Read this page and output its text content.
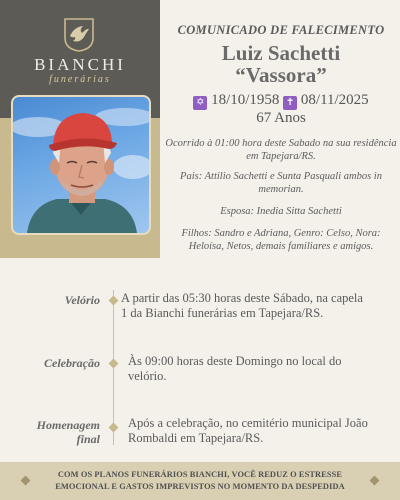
BIANCHI
funerárias
COMUNICADO DE FALECIMENTO
Luiz Sachetti
“Vassora”
✡ 18/10/1958 ✝ 08/11/2025
67 Anos
Ocorrido à 01:00 hora deste Sabado na sua residência em Tapejara/RS.
Pais: Attilio Sachetti e Sunta Pasquali ambos in memorian.
Esposa: Inedia Sitta Sachetti
Filhos: Sandro e Adriana, Genro: Celso, Nora: Heloísa, Netos, demais familiares e amigos.
Velório A partir das 05:30 horas deste Sábado, na capela 1 da Bianchi funerárias em Tapejara/RS.
Celebração Às 09:00 horas deste Domingo no local do velório.
Homenagem
final
Após a celebração, no cemitério municipal João Rombaldi em Tapejara/RS.
COM OS PLANOS FUNERÁRIOS BIANCHI, VOCÊ REDUZ O ESTRESSE
EMOCIONAL E GASTOS IMPREVISTOS NO MOMENTO DA DESPEDIDA
